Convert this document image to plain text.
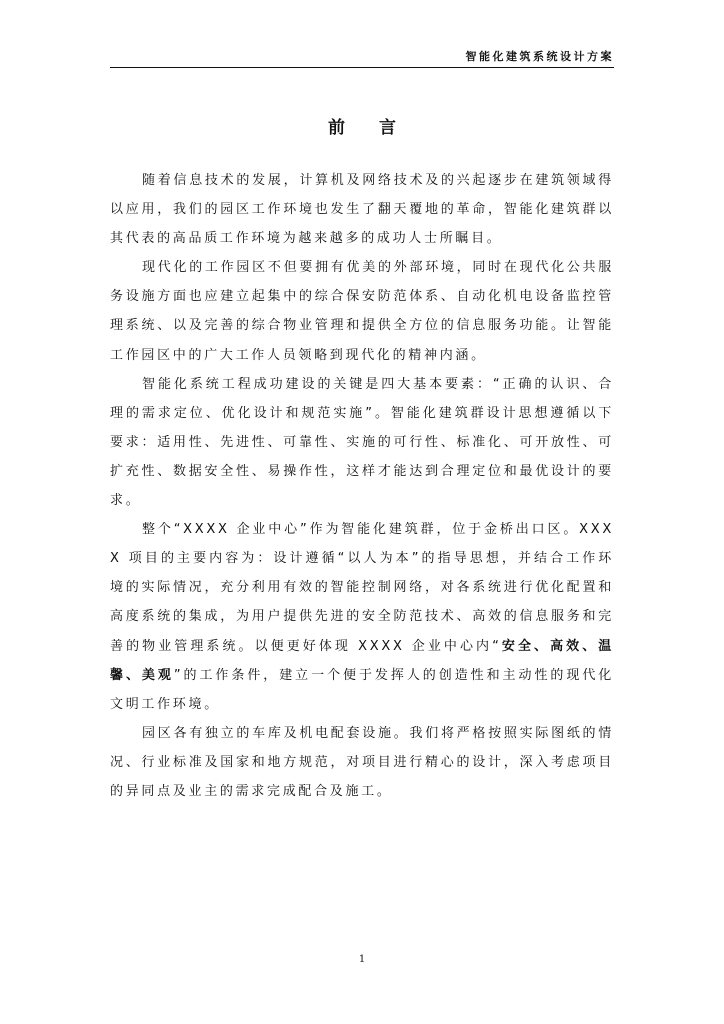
智能化建筑系统设计方案
前 言

随着信息技术的发展，计算机及网络技术及的兴起逐步在建筑领域得以应用，我们的园区工作环境也发生了翻天覆地的革命，智能化建筑群以其代表的高品质工作环境为越来越多的成功人士所瞩目。

现代化的工作园区不但要拥有优美的外部环境，同时在现代化公共服务设施方面也应建立起集中的综合保安防范体系、自动化机电设备监控管理系统、以及完善的综合物业管理和提供全方位的信息服务功能。让智能工作园区中的广大工作人员领略到现代化的精神内涵。

智能化系统工程成功建设的关键是四大基本要素：“正确的认识、合理的需求定位、优化设计和规范实施”。智能化建筑群设计思想遵循以下要求：适用性、先进性、可靠性、实施的可行性、标准化、可开放性、可扩充性、数据安全性、易操作性，这样才能达到合理定位和最优设计的要求。

整个“XXXX 企业中心”作为智能化建筑群，位于金桥出口区。XXXX 项目的主要内容为：设计遵循“以人为本”的指导思想，并结合工作环境的实际情况，充分利用有效的智能控制网络，对各系统进行优化配置和高度系统的集成，为用户提供先进的安全防范技术、高效的信息服务和完善的物业管理系统。以便更好体现 XXXX 企业中心内“安全、高效、温馨、美观”的工作条件，建立一个便于发挥人的创造性和主动性的现代化文明工作环境。

园区各有独立的车库及机电配套设施。我们将严格按照实际图纸的情况、行业标准及国家和地方规范，对项目进行精心的设计，深入考虑项目的异同点及业主的需求完成配合及施工。

1
